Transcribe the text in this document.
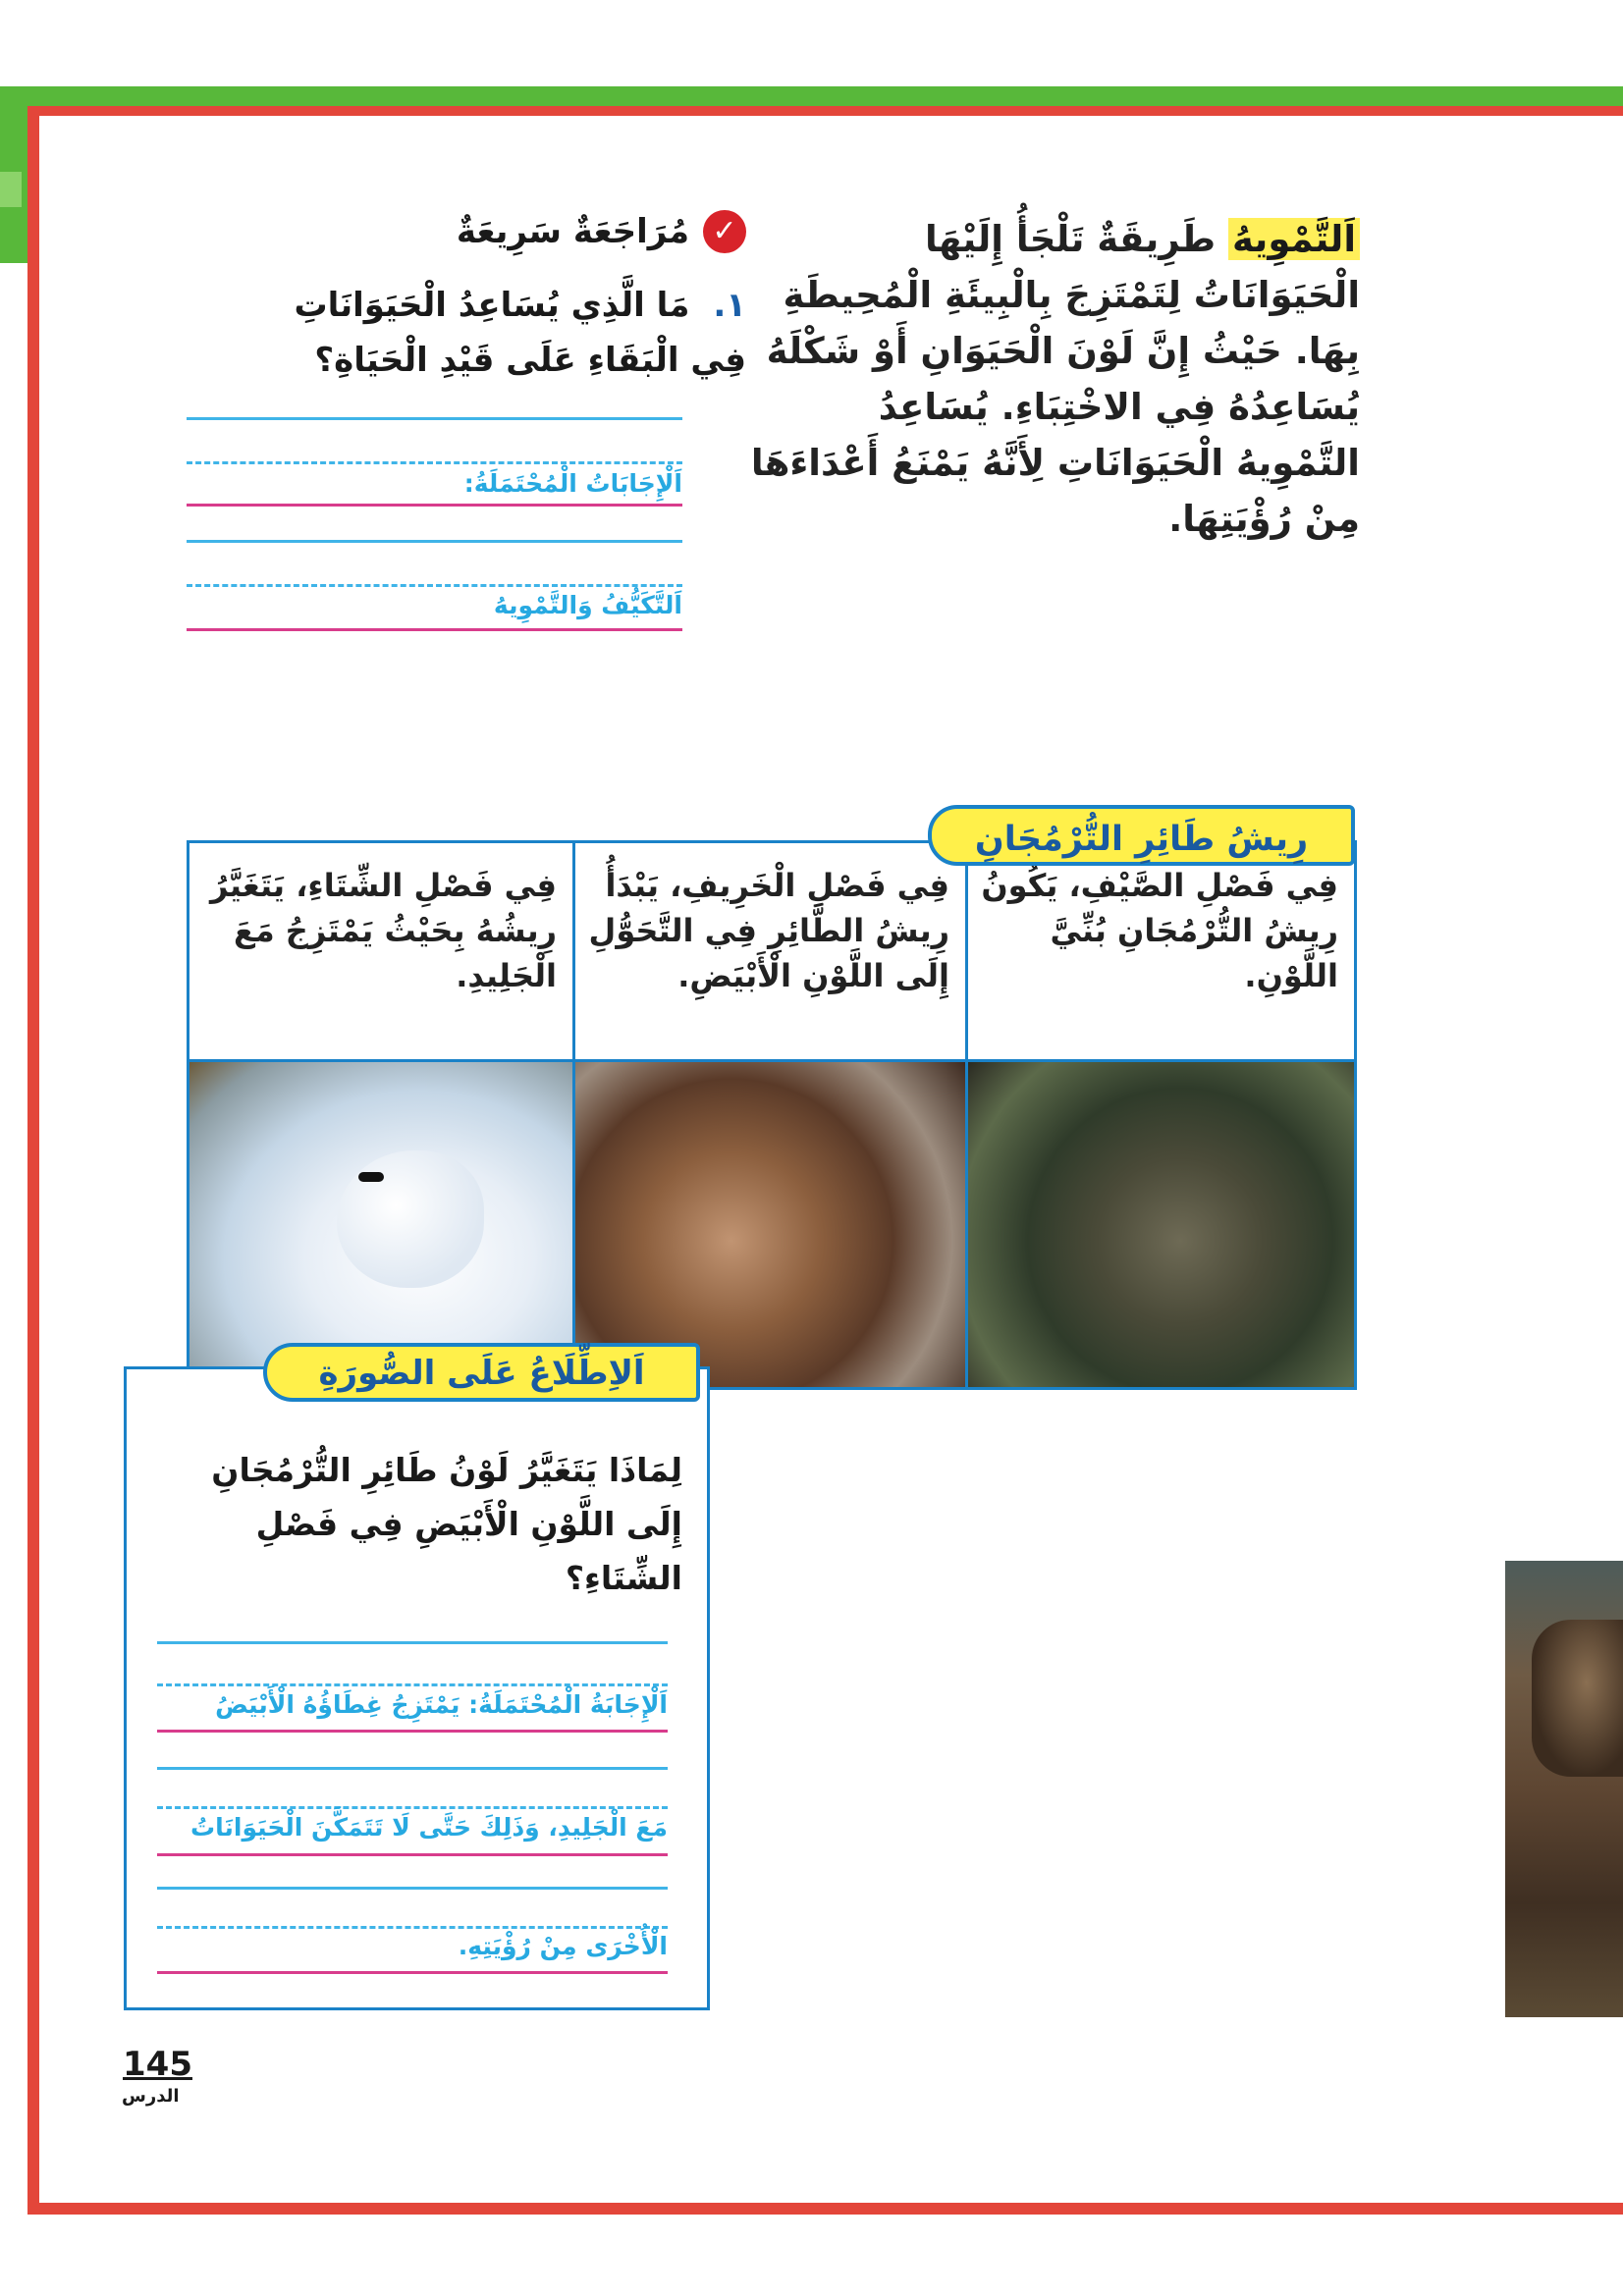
اَلتَّمْوِيهُ طَرِيقَةٌ تَلْجَأُ إِلَيْهَا الْحَيَوَانَاتُ لِتَمْتَزِجَ بِالْبِيئَةِ الْمُحِيطَةِ بِهَا. حَيْثُ إِنَّ لَوْنَ الْحَيَوَانِ أَوْ شَكْلَهُ يُسَاعِدُهُ فِي الاخْتِبَاءِ. يُسَاعِدُ التَّمْوِيهُ الْحَيَوَانَاتِ لِأَنَّهُ يَمْنَعُ أَعْدَاءَهَا مِنْ رُؤْيَتِهَا.
✓
مُرَاجَعَةٌ سَرِيعَةٌ
١. مَا الَّذِي يُسَاعِدُ الْحَيَوَانَاتِ فِي الْبَقَاءِ عَلَى قَيْدِ الْحَيَاةِ؟
اَلْإِجَابَاتُ الْمُحْتَمَلَةُ:
اَلتَّكَيُّفُ وَالتَّمْوِيهُ
فِي فَصْلِ الصَّيْفِ، يَكُونُ رِيشُ التُّرْمُجَانِ بُنِّيَّ اللَّوْنِ.
فِي فَصْلِ الْخَرِيفِ، يَبْدَأُ رِيشُ الطَّائِرِ فِي التَّحَوُّلِ إِلَى اللَّوْنِ الْأَبْيَضِ.
فِي فَصْلِ الشِّتَاءِ، يَتَغَيَّرُ رِيشُهُ بِحَيْثُ يَمْتَزِجُ مَعَ الْجَلِيدِ.
رِيشُ طَائِرِ التُّرْمُجَانِ
اَلاِطِّلَاعُ عَلَى الصُّورَةِ
لِمَاذَا يَتَغَيَّرُ لَوْنُ طَائِرِ التُّرْمُجَانِ إِلَى اللَّوْنِ الْأَبْيَضِ فِي فَصْلِ الشِّتَاءِ؟
اَلْإِجَابَةُ الْمُحْتَمَلَةُ: يَمْتَزِجُ غِطَاؤُهُ الْأَبْيَضُ
مَعَ الْجَلِيدِ، وَذَلِكَ حَتَّى لَا تَتَمَكَّنَ الْحَيَوَانَاتُ
الْأُخْرَى مِنْ رُؤْيَتِهِ.
145
الدرس
